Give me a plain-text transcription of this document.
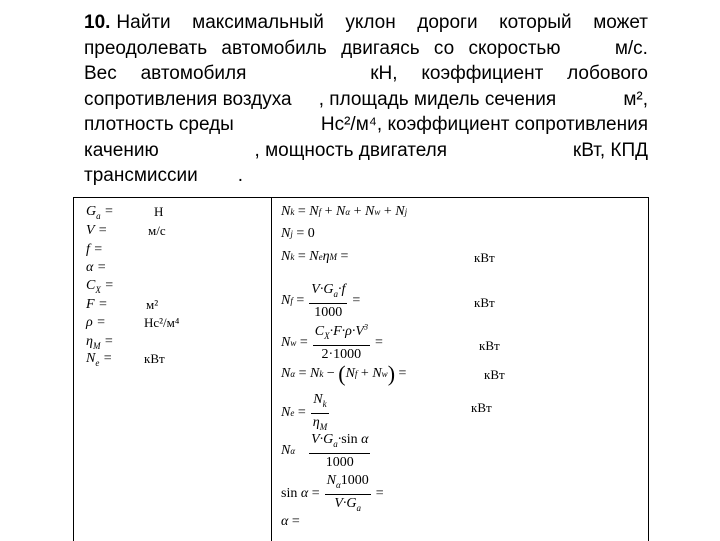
10. Найти максимальный уклон дороги который может
преодолевать автомобиль двигаясь со скоростью	м/с.
Вес автомобиля	кН, коэффициент лобового
сопротивления воздуха , площадь мидель сечения	м²,
плотность среды	Нс²/м⁴, коэффициент сопротивления
качению	, мощность двигателя	кВт, КПД
трансмиссии .
$G_a$ =	Н
V =	м/с
f =
α =
$C_X$ =
F =	м²
ρ =	Нс²/м⁴
$\eta_M$ =
$N_e$ = кВт
N k
= N f
+ N α
+ N w
+ N j
N j
= 0
N k
= N e η M
=	кВт
N f
= $\frac{V\cdot G_a\cdot f}{1000}$ =	кВт
N w
= $\frac{C_X\cdot F\cdot\rho\cdot V^3}{2\cdot 1000}$ =	кВт
N α
= N k
−
( N f
+ N w )
=	кВт
N e
= $\frac{N_k}{\eta_M}$	кВт
N α $\frac{V\cdot G_a\cdot\sin \alpha}{1000}$
$\sin \alpha = \frac{N_\alpha 1000}{V\cdot G_a}$ =
α =
